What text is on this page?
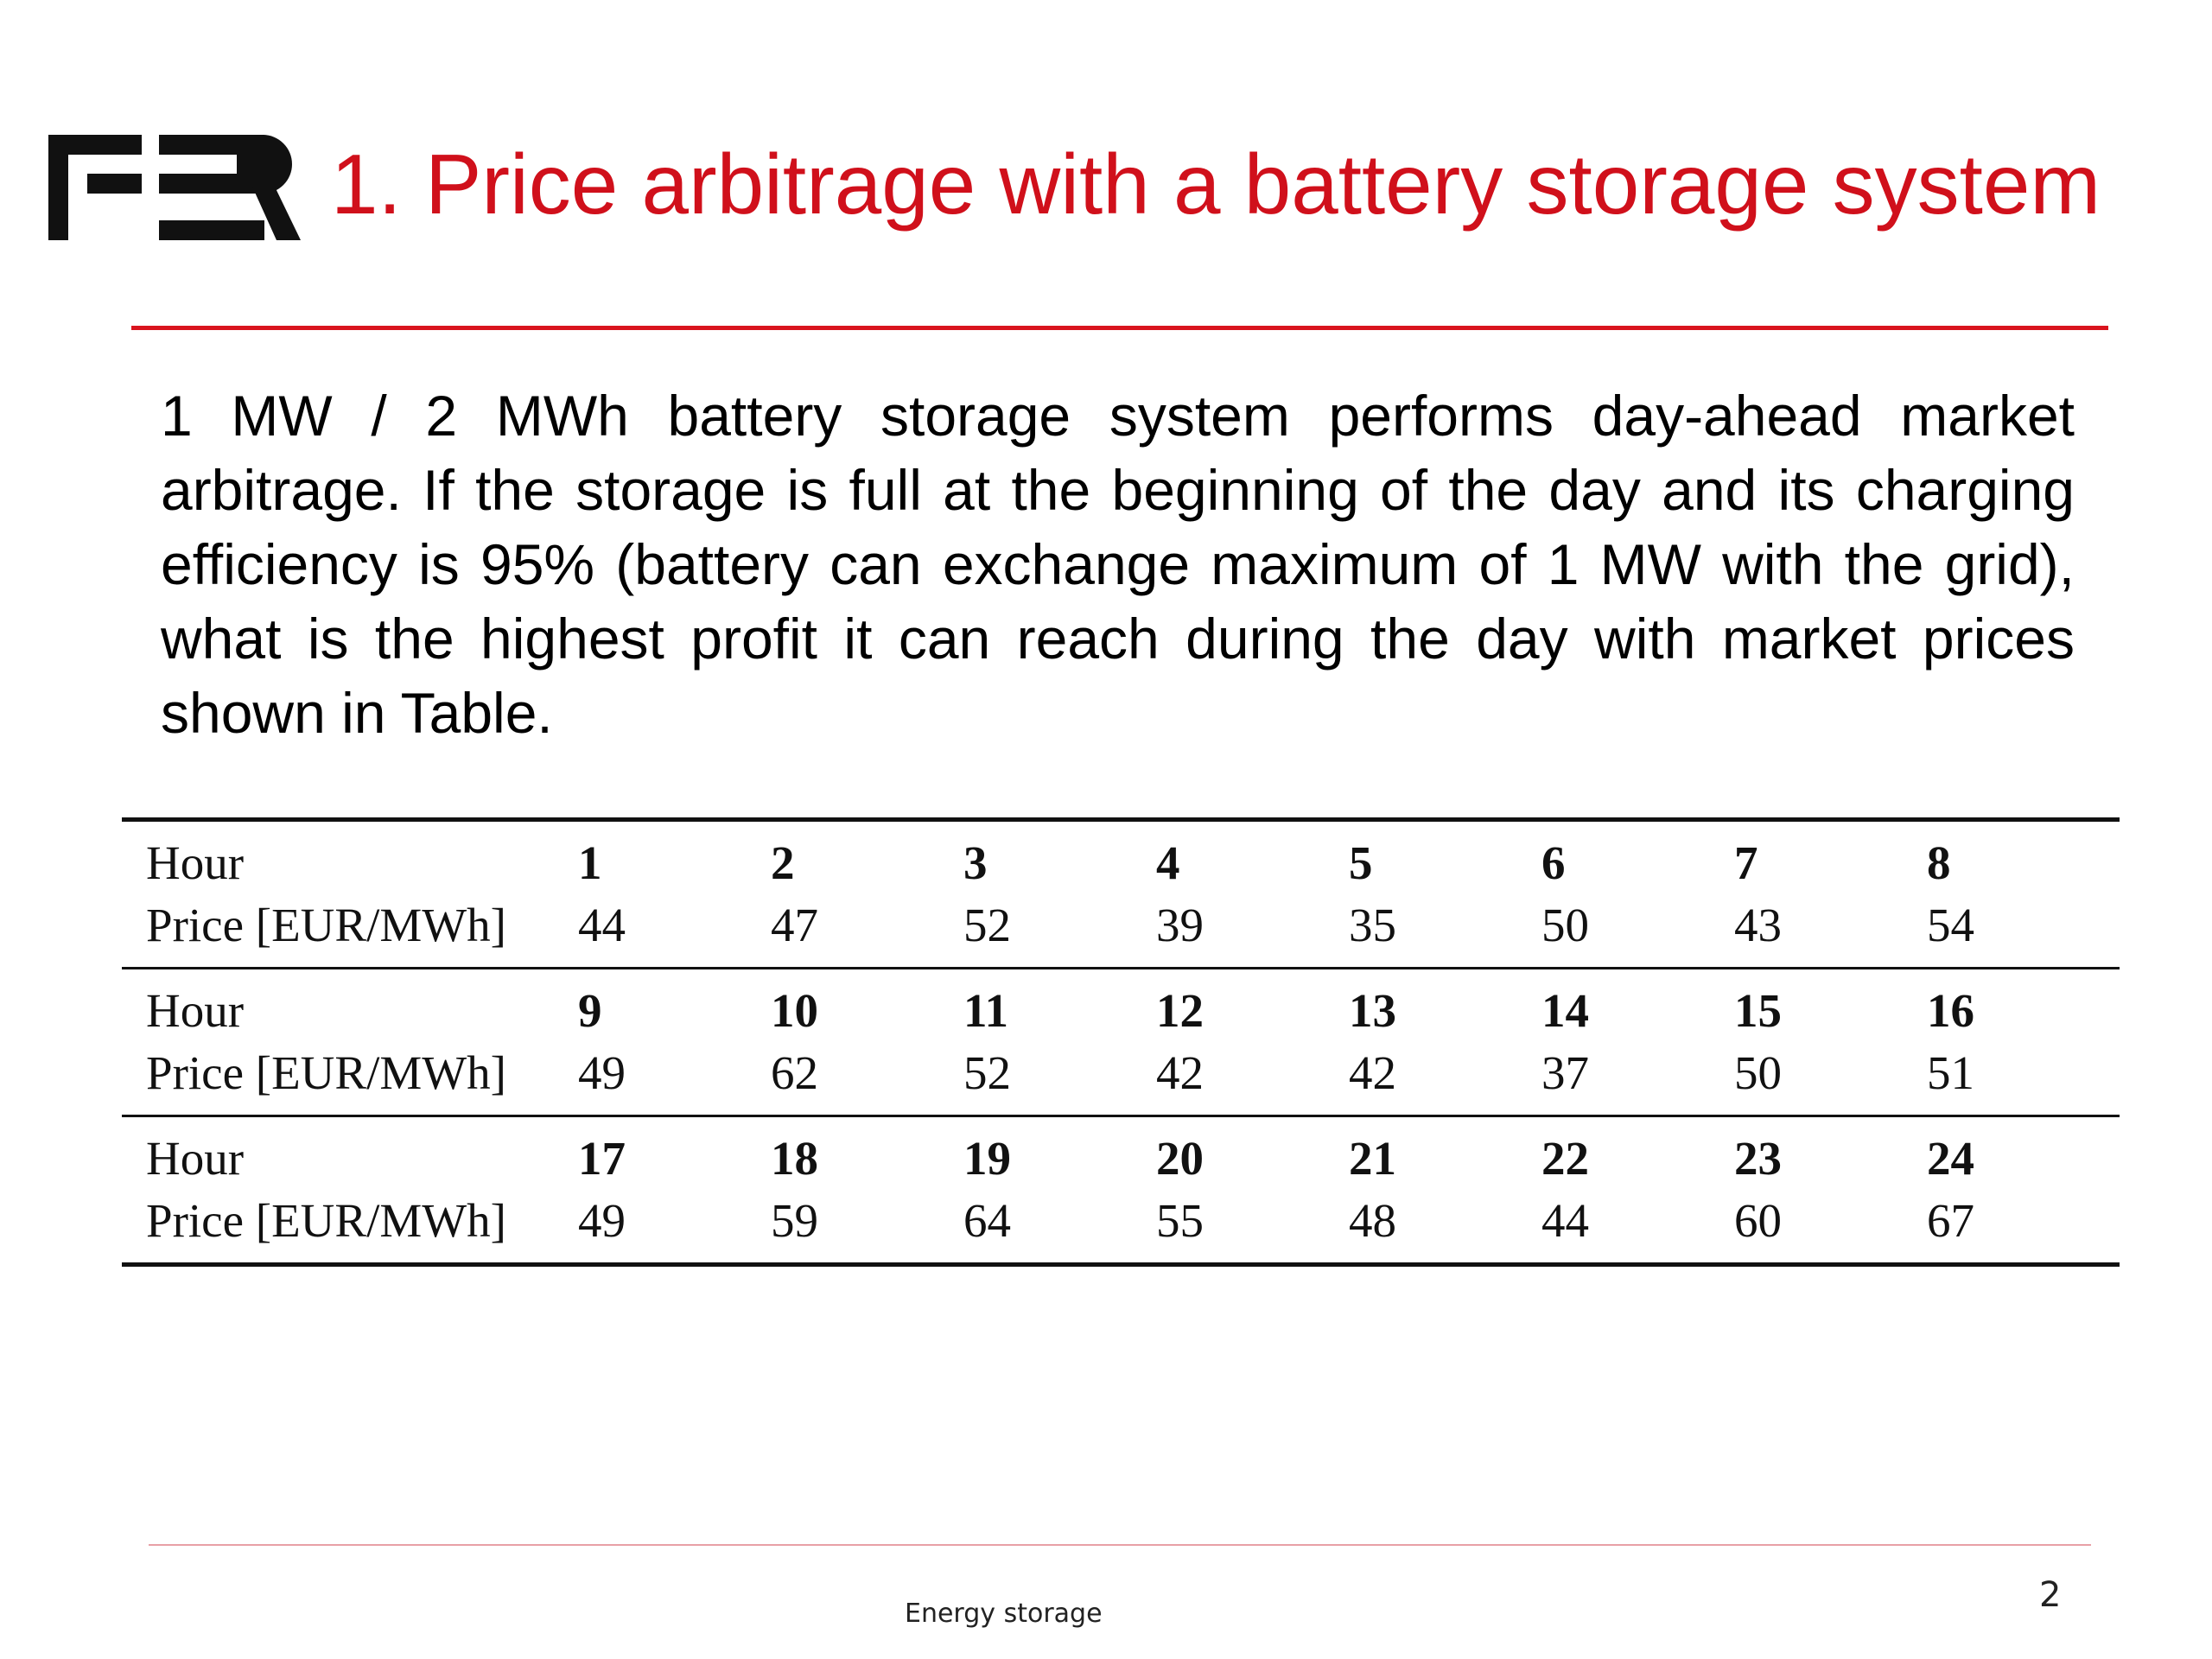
1. Price arbitrage with a battery storage system

1 MW / 2 MWh battery storage system performs day-ahead market arbitrage. If the storage is full at the beginning of the day and its charging efficiency is 95% (battery can exchange maximum of 1 MW with the grid), what is the highest profit it can reach during the day with market prices shown in Table.

Hour	1	2	3	4	5	6	7	8
Price [EUR/MWh]	44	47	52	39	35	50	43	54
Hour	9	10	11	12	13	14	15	16
Price [EUR/MWh]	49	62	52	42	42	37	50	51
Hour	17	18	19	20	21	22	23	24
Price [EUR/MWh]	49	59	64	55	48	44	60	67
Energy storage	2
